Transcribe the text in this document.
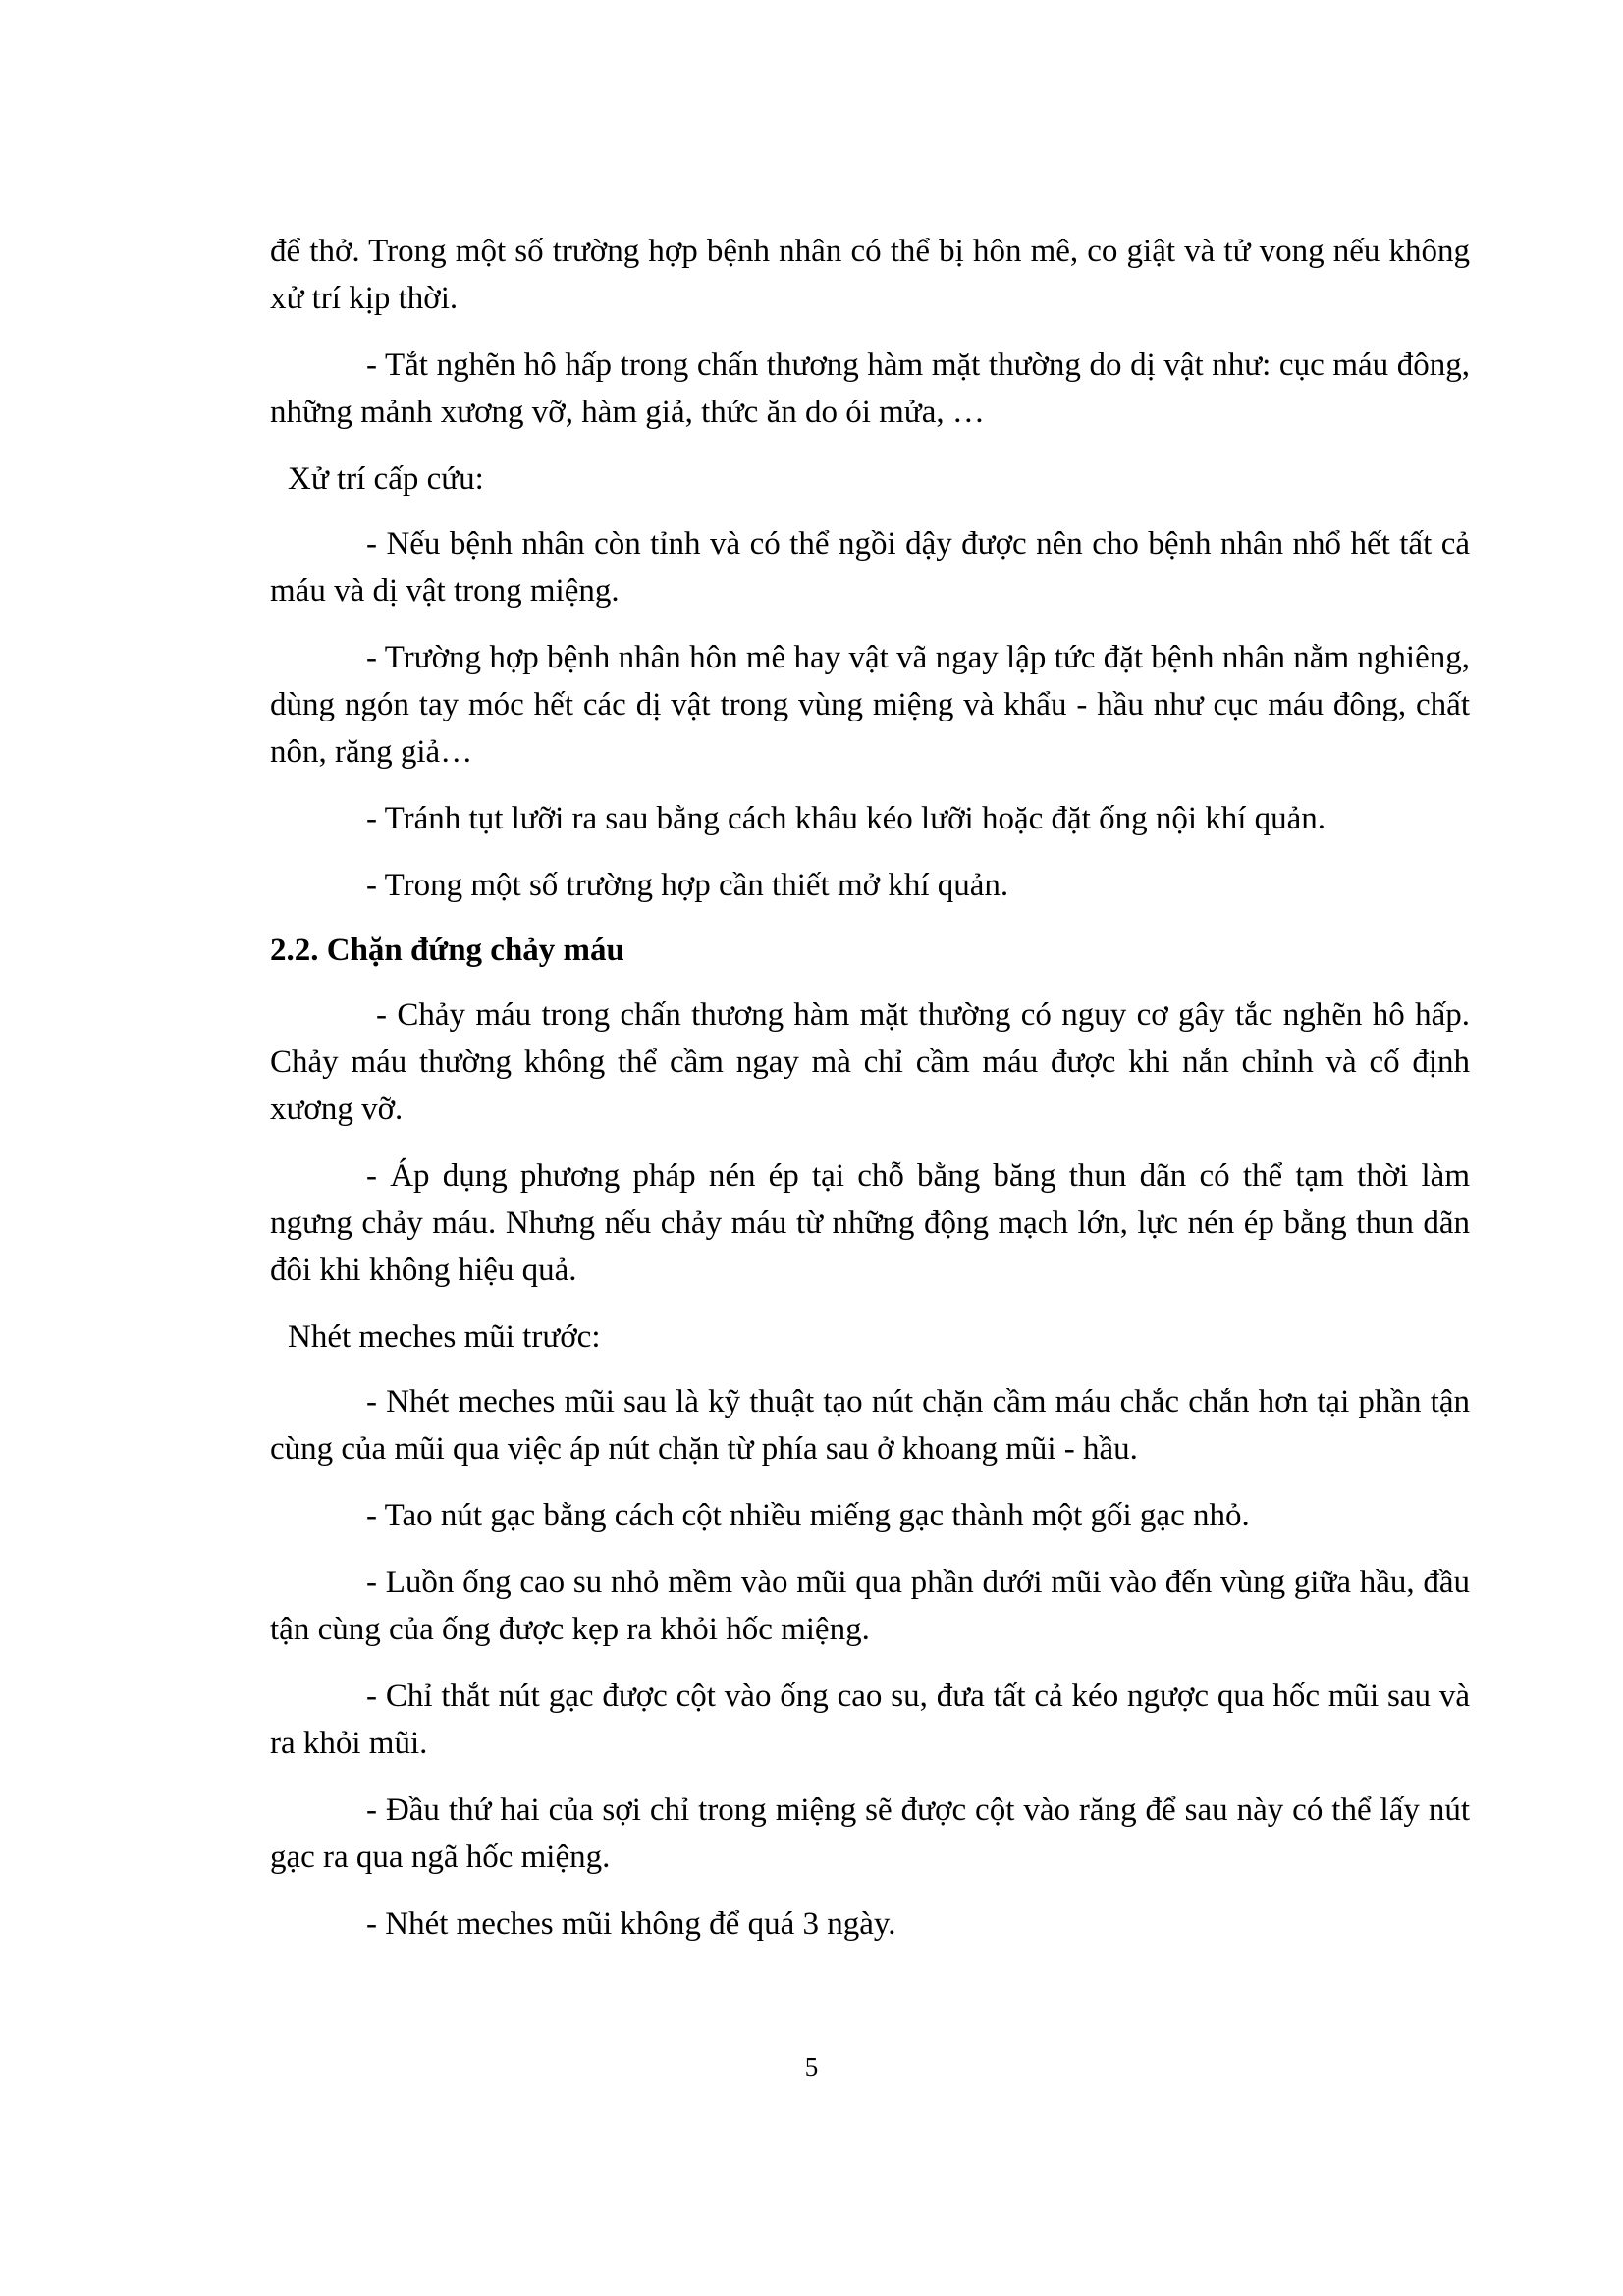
để thở. Trong một số trường hợp bệnh nhân có thể bị hôn mê, co giật và tử vong nếu không xử trí kịp thời.

- Tắt nghẽn hô hấp trong chấn thương hàm mặt thường do dị vật như: cục máu đông, những mảnh xương vỡ, hàm giả, thức ăn do ói mửa, …

Xử trí cấp cứu:

- Nếu bệnh nhân còn tỉnh và có thể ngồi dậy được nên cho bệnh nhân nhổ hết tất cả máu và dị vật trong miệng.

- Trường hợp bệnh nhân hôn mê hay vật vã ngay lập tức đặt bệnh nhân nằm nghiêng, dùng ngón tay móc hết các dị vật trong vùng miệng và khẩu - hầu như cục máu đông, chất nôn, răng giả…

- Tránh tụt lưỡi ra sau bằng cách khâu kéo lưỡi hoặc đặt ống nội khí quản.

- Trong một số trường hợp cần thiết mở khí quản.

2.2. Chặn đứng chảy máu

- Chảy máu trong chấn thương hàm mặt thường có nguy cơ gây tắc nghẽn hô hấp. Chảy máu thường không thể cầm ngay mà chỉ cầm máu được khi nắn chỉnh và cố định xương vỡ.

- Áp dụng phương pháp nén ép tại chỗ bằng băng thun dãn có thể tạm thời làm ngưng chảy máu. Nhưng nếu chảy máu từ những động mạch lớn, lực nén ép bằng thun dãn đôi khi không hiệu quả.

Nhét meches mũi trước:

- Nhét meches mũi sau là kỹ thuật tạo nút chặn cầm máu chắc chắn hơn tại phần tận cùng của mũi qua việc áp nút chặn từ phía sau ở khoang mũi - hầu.

- Tao nút gạc bằng cách cột nhiều miếng gạc thành một gối gạc nhỏ.

- Luồn ống cao su nhỏ mềm vào mũi qua phần dưới mũi vào đến vùng giữa hầu, đầu tận cùng của ống được kẹp ra khỏi hốc miệng.

- Chỉ thắt nút gạc được cột vào ống cao su, đưa tất cả kéo ngược qua hốc mũi sau và ra khỏi mũi.

- Đầu thứ hai của sợi chỉ trong miệng sẽ được cột vào răng để sau này có thể lấy nút gạc ra qua ngã hốc miệng.

- Nhét meches mũi không để quá 3 ngày.

5
